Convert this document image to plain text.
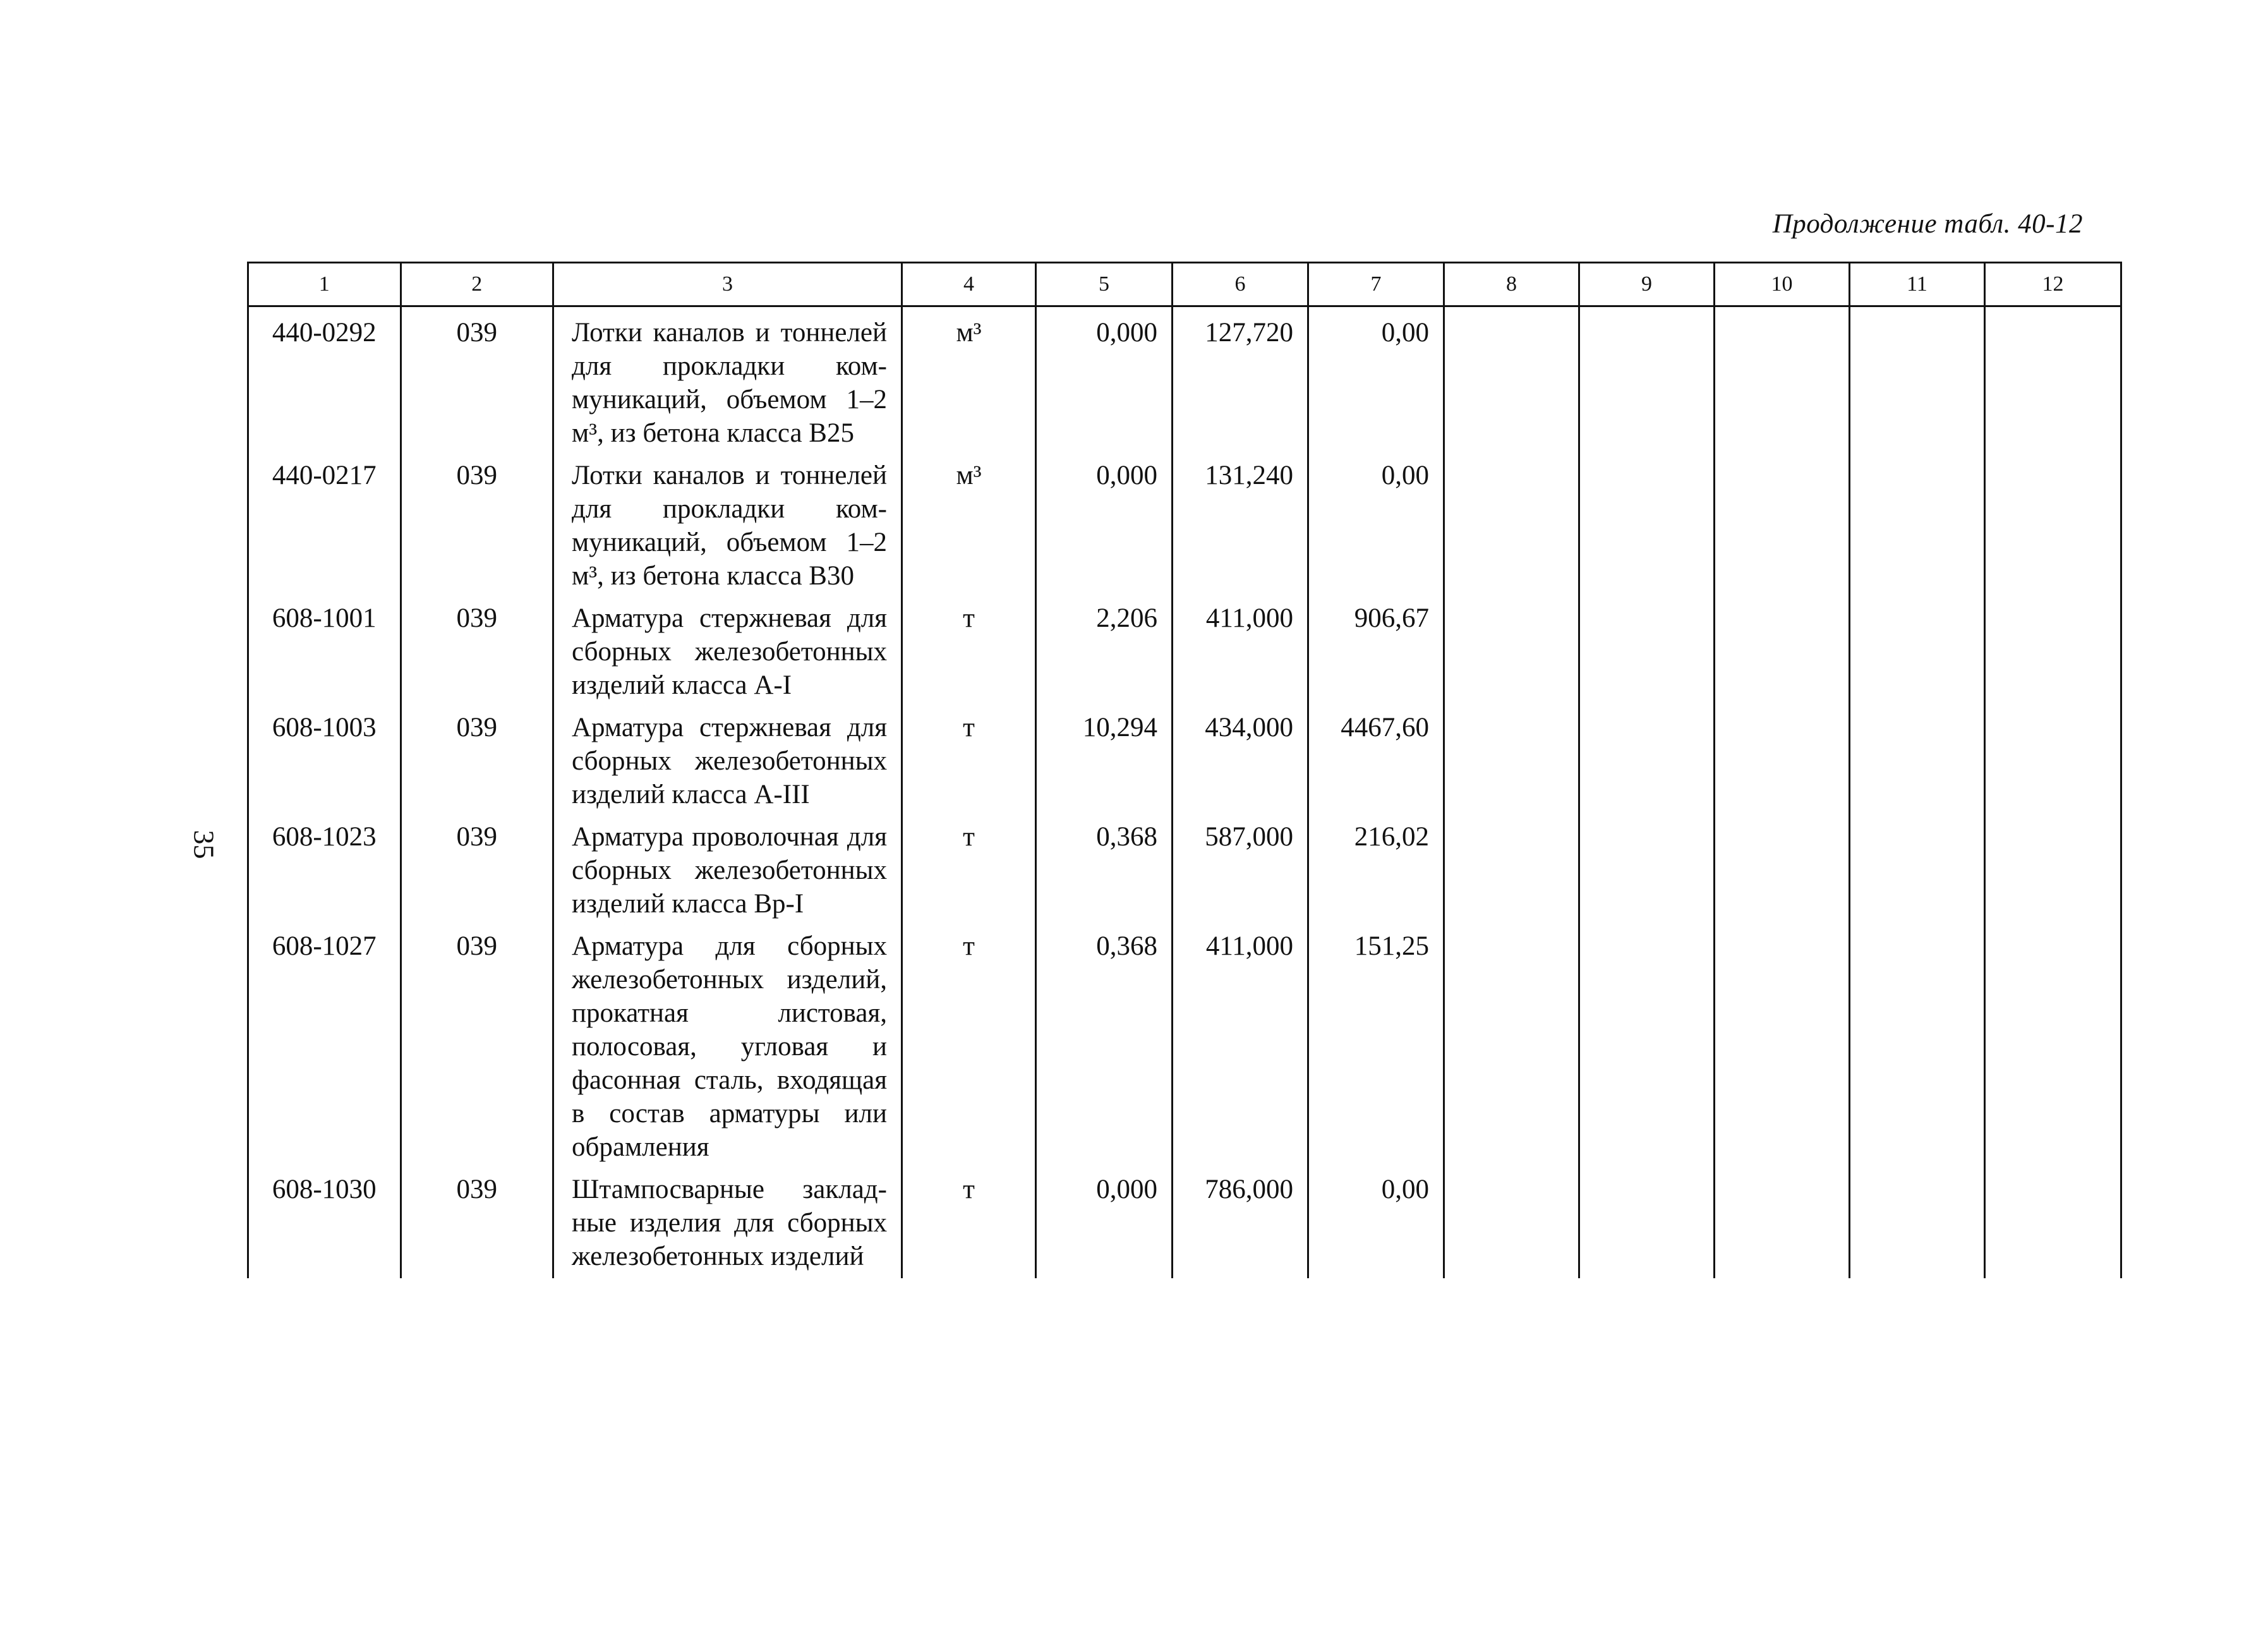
Продолжение табл. 40-12
35
1	2	3	4	5	6	7	8	9	10	11	12
440-0292	039	Лотки каналов и тоннелей для прокладки коммуникаций, объемом 1–2 м³, из бетона класса В25	м³	0,000	127,720	0,00					
440-0217	039	Лотки каналов и тоннелей для прокладки коммуникаций, объемом 1–2 м³, из бетона класса В30	м³	0,000	131,240	0,00					
608-1001	039	Арматура стержневая для сборных железобетонных изделий класса А-I	т	2,206	411,000	906,67					
608-1003	039	Арматура стержневая для сборных железобетонных изделий класса А-III	т	10,294	434,000	4467,60					
608-1023	039	Арматура проволочная для сборных железобетонных изделий класса Вр-I	т	0,368	587,000	216,02					
608-1027	039	Арматура для сборных железобетонных изделий, прокатная листовая, полосовая, угловая и фасонная сталь, входящая в состав арматуры или обрамления	т	0,368	411,000	151,25					
608-1030	039	Штампосварные закладные изделия для сборных железобетонных изделий	т	0,000	786,000	0,00					
